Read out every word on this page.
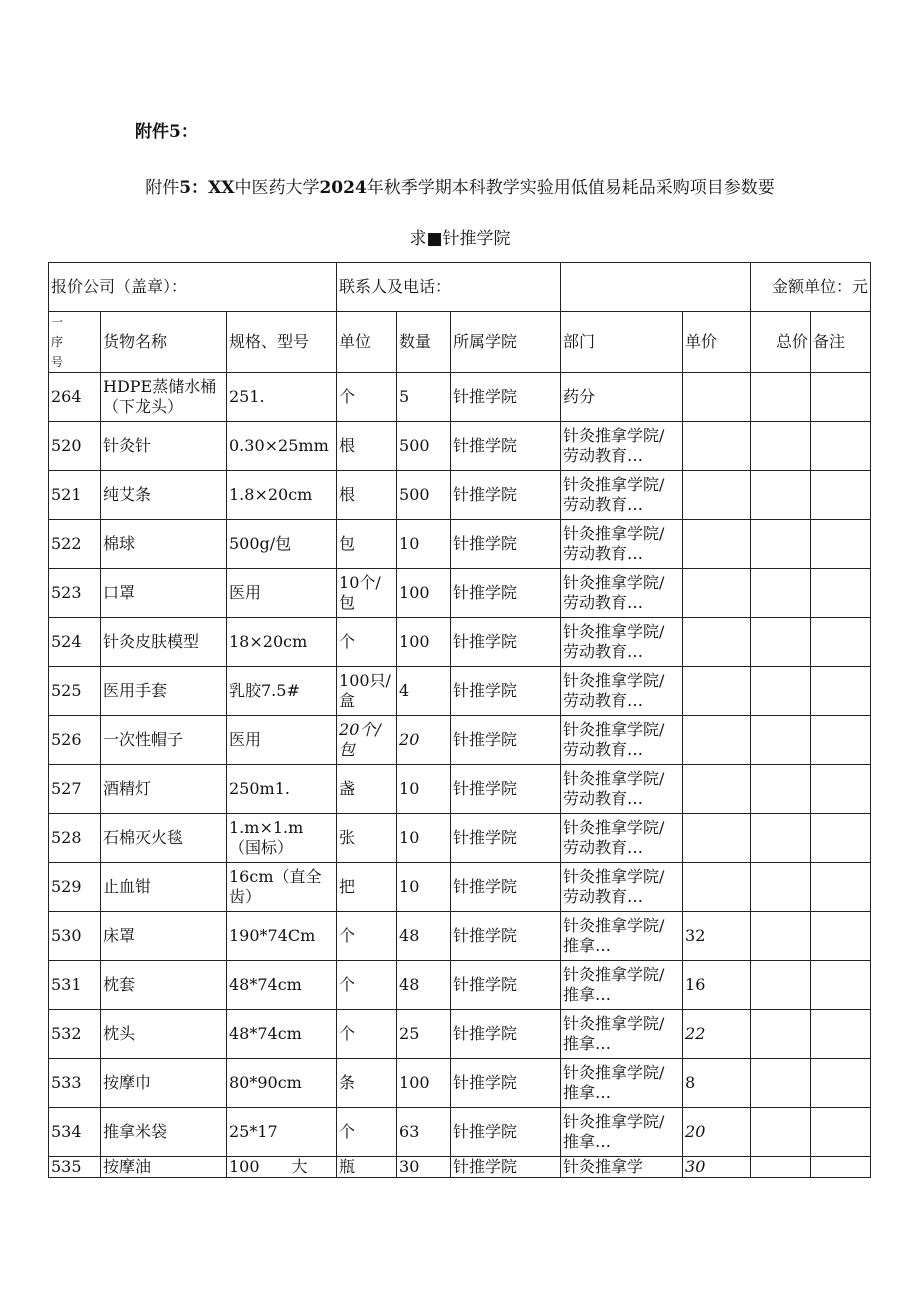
附件5：

附件5：XX中医药大学2024年秋季学期本科教学实验用低值易耗品采购项目参数要
求■针推学院
报价公司（盖章）：			联系人及电话：					金额单位：元	
一
序
号	货物名称	规格、型号	单位	数量	所属学院	部门	单价	总价	备注

264	HDPE蒸储水桶（下龙头）	251.	个	5	针推学院	药分			

520	针灸针	0.30×25mm	根	500	针推学院	针灸推拿学院/劳动教育…			

521	纯艾条	1.8×20cm	根	500	针推学院	针灸推拿学院/劳动教育…			

522	棉球	500g/包	包	10	针推学院	针灸推拿学院/劳动教育…			

523	口罩	医用	10个/包	100	针推学院	针灸推拿学院/劳动教育…			

524	针灸皮肤模型	18×20cm	个	100	针推学院	针灸推拿学院/劳动教育…			

525	医用手套	乳胶7.5#	100只/盒	4	针推学院	针灸推拿学院/劳动教育…			

526	一次性帽子	医用	20个/包	20	针推学院	针灸推拿学院/劳动教育…			

527	酒精灯	250m1.	盏	10	针推学院	针灸推拿学院/劳动教育…			

528	石棉灭火毯	1.m×1.m（国标）	张	10	针推学院	针灸推拿学院/劳动教育…			

529	止血钳	16cm（直全齿）	把	10	针推学院	针灸推拿学院/劳动教育…			

530	床罩	190*74Cm	个	48	针推学院	针灸推拿学院/推拿…	32		

531	枕套	48*74cm	个	48	针推学院	针灸推拿学院/推拿…	16		

532	枕头	48*74cm	个	25	针推学院	针灸推拿学院/推拿…	22		

533	按摩巾	80*90cm	条	100	针推学院	针灸推拿学院/推拿…	8		

534	推拿米袋	25*17	个	63	针推学院	针灸推拿学院/推拿…	20		

535	按摩油	100　　大	瓶	30	针推学院	针灸推拿学	30		
